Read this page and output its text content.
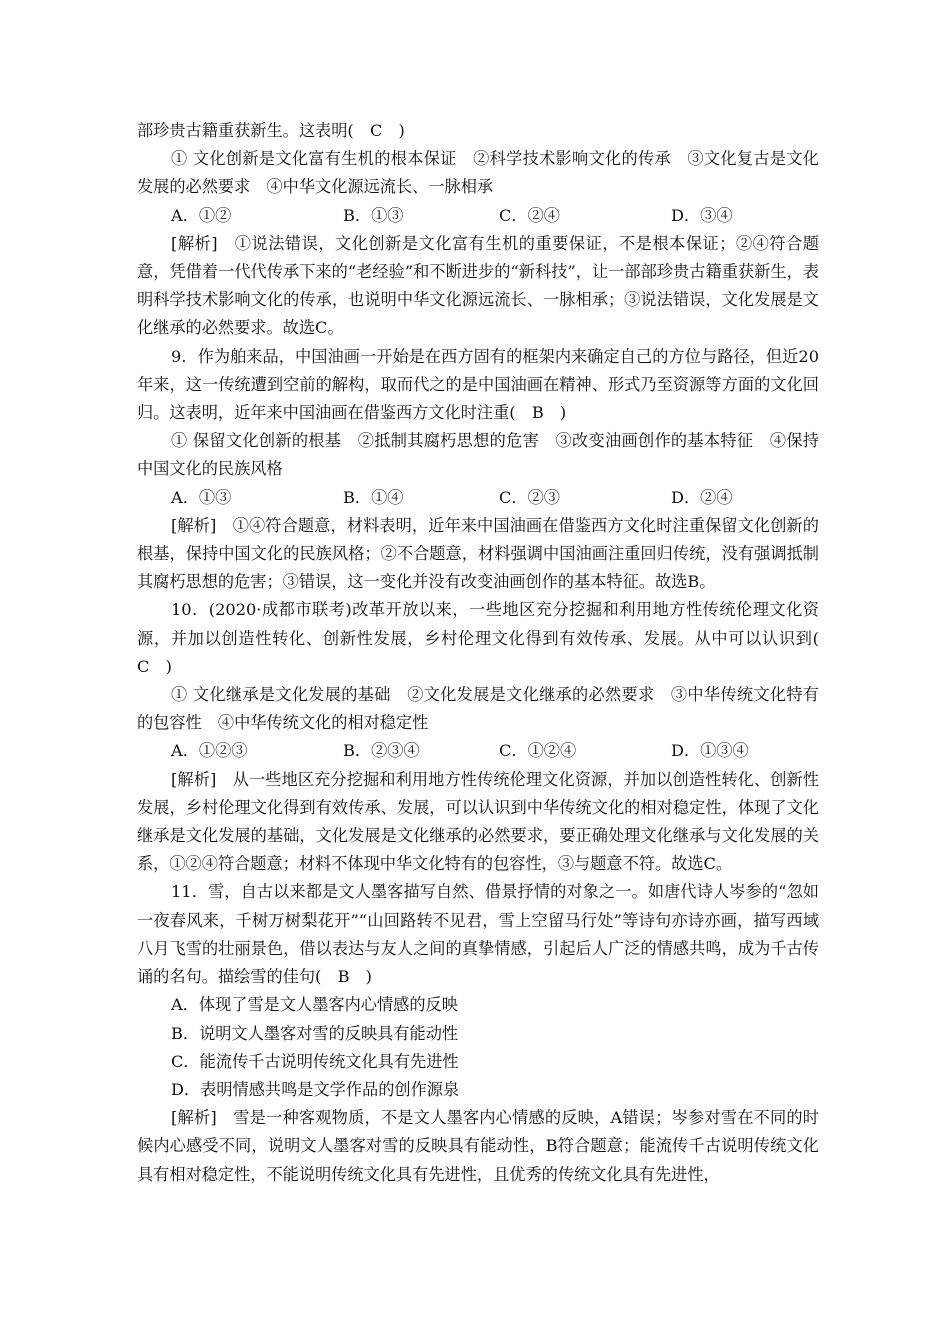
部珍贵古籍重获新生。这表明(　C　)

① 文化创新是文化富有生机的根本保证　②科学技术影响文化的传承　③文化复古是文化发展的必然要求　④中华文化源远流长、一脉相承

A．①②	B．①③	C．②④	D．③④

[解析]　①说法错误，文化创新是文化富有生机的重要保证，不是根本保证；②④符合题意，凭借着一代代传承下来的“老经验”和不断进步的“新科技”，让一部部珍贵古籍重获新生，表明科学技术影响文化的传承，也说明中华文化源远流长、一脉相承；③说法错误，文化发展是文化继承的必然要求。故选C。

9．作为舶来品，中国油画一开始是在西方固有的框架内来确定自己的方位与路径，但近20年来，这一传统遭到空前的解构，取而代之的是中国油画在精神、形式乃至资源等方面的文化回归。这表明，近年来中国油画在借鉴西方文化时注重(　B　)

① 保留文化创新的根基　②抵制其腐朽思想的危害　③改变油画创作的基本特征　④保持中国文化的民族风格

A．①③	B．①④	C．②③	D．②④

[解析]　①④符合题意，材料表明，近年来中国油画在借鉴西方文化时注重保留文化创新的根基，保持中国文化的民族风格；②不合题意，材料强调中国油画注重回归传统，没有强调抵制其腐朽思想的危害；③错误，这一变化并没有改变油画创作的基本特征。故选B。

10．(2020·成都市联考)改革开放以来，一些地区充分挖掘和利用地方性传统伦理文化资源，并加以创造性转化、创新性发展，乡村伦理文化得到有效传承、发展。从中可以认识到(　C　)

① 文化继承是文化发展的基础　②文化发展是文化继承的必然要求　③中华传统文化特有的包容性　④中华传统文化的相对稳定性

A．①②③	B．②③④	C．①②④	D．①③④

[解析]　从一些地区充分挖掘和利用地方性传统伦理文化资源，并加以创造性转化、创新性发展，乡村伦理文化得到有效传承、发展，可以认识到中华传统文化的相对稳定性，体现了文化继承是文化发展的基础，文化发展是文化继承的必然要求，要正确处理文化继承与文化发展的关系，①②④符合题意；材料不体现中华文化特有的包容性，③与题意不符。故选C。

11．雪，自古以来都是文人墨客描写自然、借景抒情的对象之一。如唐代诗人岑参的“忽如一夜春风来，千树万树梨花开”“山回路转不见君，雪上空留马行处”等诗句亦诗亦画，描写西域八月飞雪的壮丽景色，借以表达与友人之间的真挚情感，引起后人广泛的情感共鸣，成为千古传诵的名句。描绘雪的佳句(　B　)

A．体现了雪是文人墨客内心情感的反映

B．说明文人墨客对雪的反映具有能动性

C．能流传千古说明传统文化具有先进性

D．表明情感共鸣是文学作品的创作源泉

[解析]　雪是一种客观物质，不是文人墨客内心情感的反映，A错误；岑参对雪在不同的时候内心感受不同，说明文人墨客对雪的反映具有能动性，B符合题意；能流传千古说明传统文化具有相对稳定性，不能说明传统文化具有先进性，且优秀的传统文化具有先进性，
